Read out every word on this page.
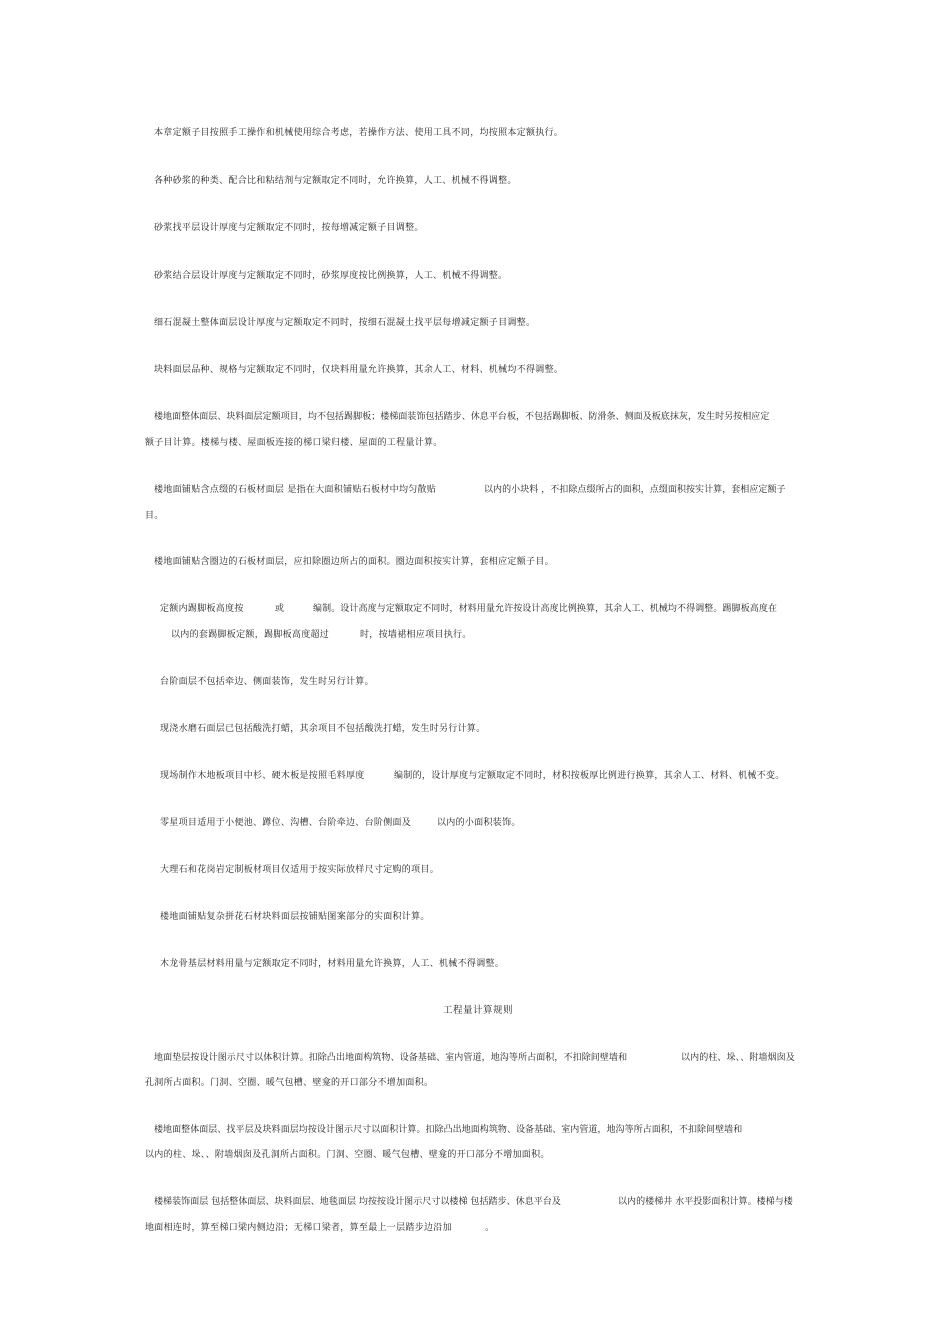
本章定额子目按照手工操作和机械使用综合考虑，若操作方法、使用工具不同，均按照本定额执行。
各种砂浆的种类、配合比和粘结剂与定额取定不同时，允许换算，人工、机械不得调整。
砂浆找平层设计厚度与定额取定不同时，按每增减定额子目调整。
砂浆结合层设计厚度与定额取定不同时，砂浆厚度按比例换算，人工、机械不得调整。
细石混凝土整体面层设计厚度与定额取定不同时，按细石混凝土找平层每增减定额子目调整。
块料面层品种、规格与定额取定不同时，仅块料用量允许换算，其余人工、材料、机械均不得调整。
楼地面整体面层、块料面层定额项目，均不包括踢脚板；楼梯面装饰包括踏步、休息平台板，不包括踢脚板、防滑条、侧面及板底抹灰，发生时另按相应定
额子目计算。楼梯与楼、屋面板连接的梯口梁归楼、屋面的工程量计算。
楼地面铺贴含点缀的石板材面层 是指在大面积铺贴石板材中均匀散贴	以内的小块料 ，不扣除点缀所占的面积，点缀面积按实计算，套相应定额子
目。
楼地面铺贴含圈边的石板材面层，应扣除圈边所占的面积。圈边面积按实计算，套相应定额子目。
定额内踢脚板高度按	或	编制。设计高度与定额取定不同时，材料用量允许按设计高度比例换算，其余人工、机械均不得调整。踢脚板高度在
以内的套踢脚板定额，踢脚板高度超过	时，按墙裙相应项目执行。
台阶面层不包括牵边、侧面装饰，发生时另行计算。
现浇水磨石面层已包括酸洗打蜡，其余项目不包括酸洗打蜡，发生时另行计算。
现场制作木地板项目中杉、硬木板是按照毛料厚度	编制的，设计厚度与定额取定不同时，材积按板厚比例进行换算，其余人工、材料、机械不变。
零星项目适用于小便池、蹲位、沟槽、台阶牵边、台阶侧面及	以内的小面积装饰。
大理石和花岗岩定制板材项目仅适用于按实际放样尺寸定购的项目。
楼地面铺贴复杂拼花石材块料面层按铺贴图案部分的实面积计算。
木龙骨基层材料用量与定额取定不同时，材料用量允许换算，人工、机械不得调整。
工程量计算规则
地面垫层按设计图示尺寸以体积计算。扣除凸出地面构筑物、设备基础、室内管道，地沟等所占面积，不扣除间壁墙和	以内的柱、垛、、附墙烟囱及
孔洞所占面积。门洞、空圈、暖气包槽、壁龛的开口部分不增加面积。
楼地面整体面层、找平层及块料面层均按设计图示尺寸以面积计算。扣除凸出地面构筑物、设备基础、室内管道，地沟等所占面积，不扣除间壁墙和
以内的柱、垛、、附墙烟囱及孔洞所占面积。门洞、空圈、暖气包槽、壁龛的开口部分不增加面积。
楼梯装饰面层 包括整体面层、块料面层、地毯面层 均按按设计图示尺寸以楼梯 包括踏步、休息平台及	以内的楼梯井 水平投影面积计算。楼梯与楼
地面相连时，算至梯口梁内侧边沿；无梯口梁者，算至最上一层踏步边沿加	。
